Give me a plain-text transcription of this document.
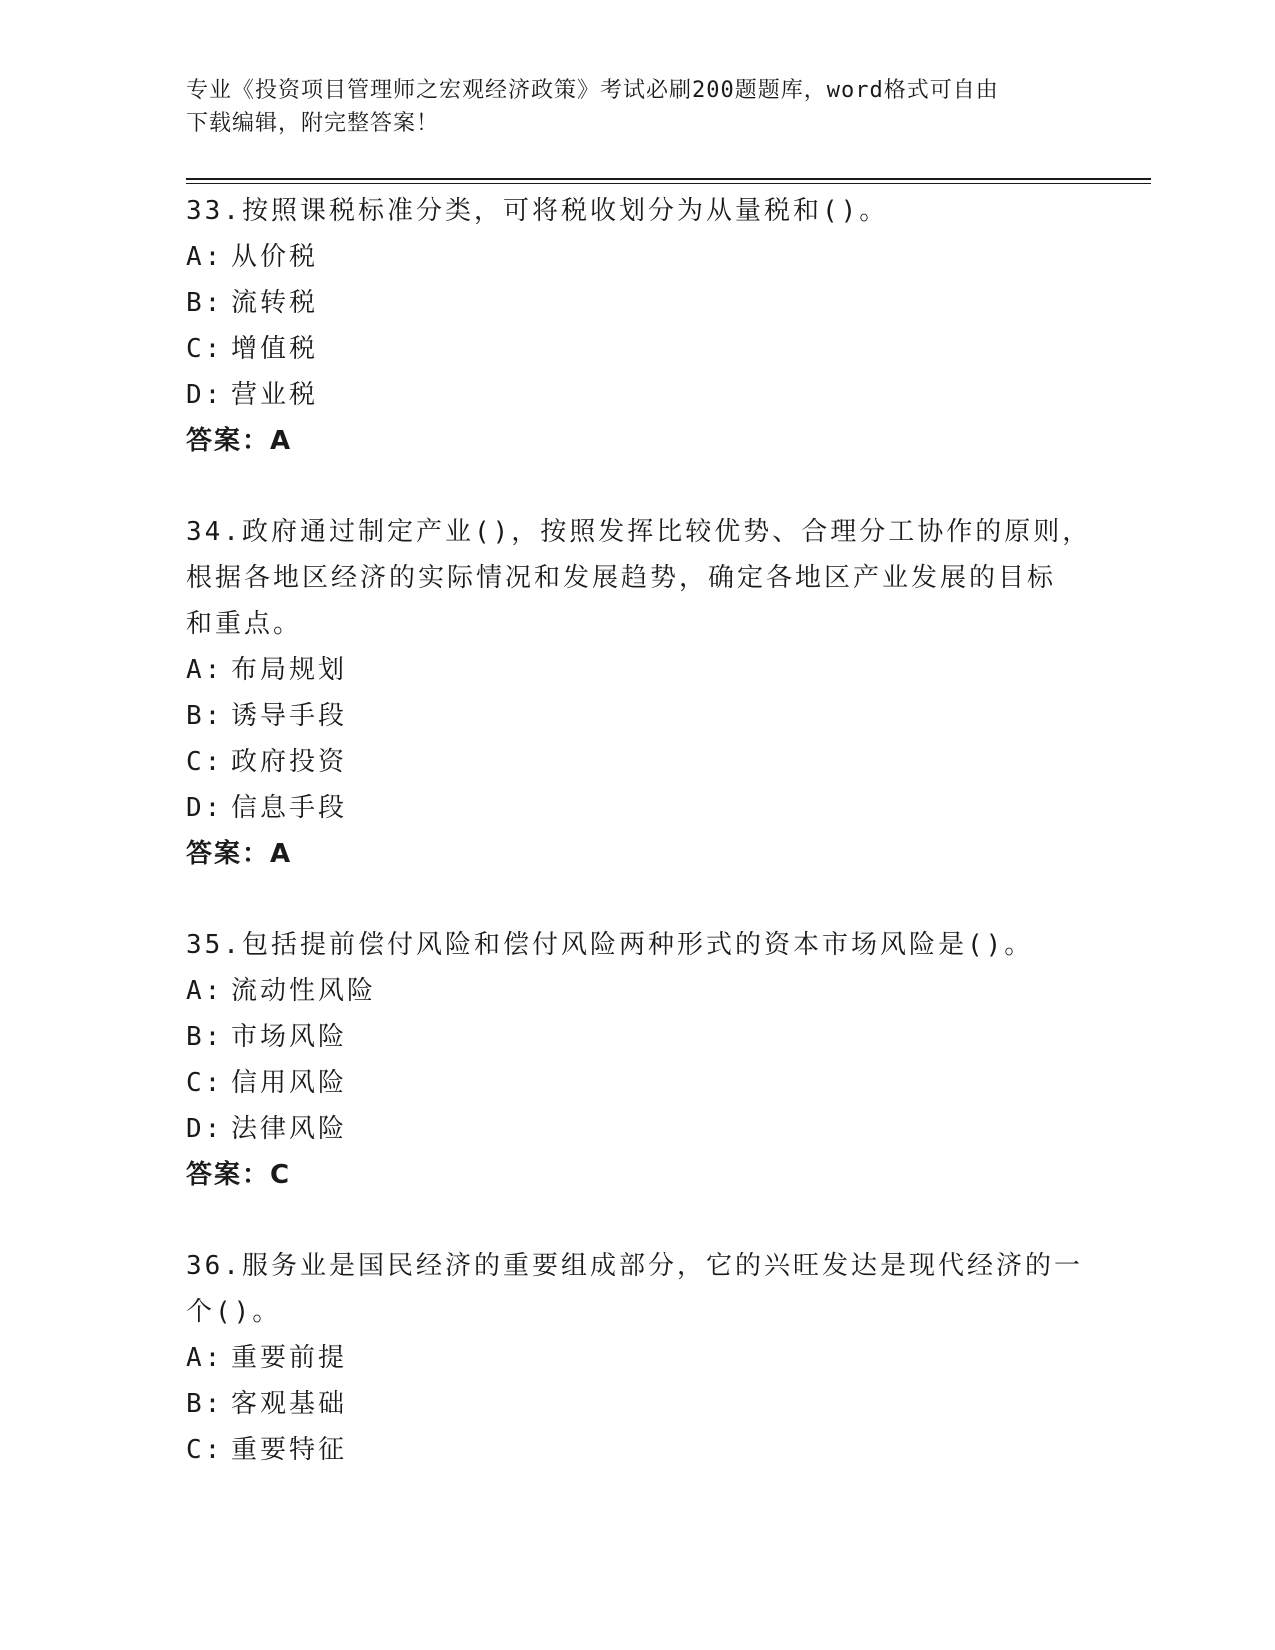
专业《投资项目管理师之宏观经济政策》考试必刷200题题库，word格式可自由
下载编辑，附完整答案！
33.按照课税标准分类，可将税收划分为从量税和()。
A: 从价税
B: 流转税
C: 增值税
D: 营业税
答案：A
34.政府通过制定产业()，按照发挥比较优势、合理分工协作的原则，
根据各地区经济的实际情况和发展趋势，确定各地区产业发展的目标
和重点。
A: 布局规划
B: 诱导手段
C: 政府投资
D: 信息手段
答案：A
35.包括提前偿付风险和偿付风险两种形式的资本市场风险是()。
A: 流动性风险
B: 市场风险
C: 信用风险
D: 法律风险
答案：C
36.服务业是国民经济的重要组成部分，它的兴旺发达是现代经济的一
个()。
A: 重要前提
B: 客观基础
C: 重要特征
